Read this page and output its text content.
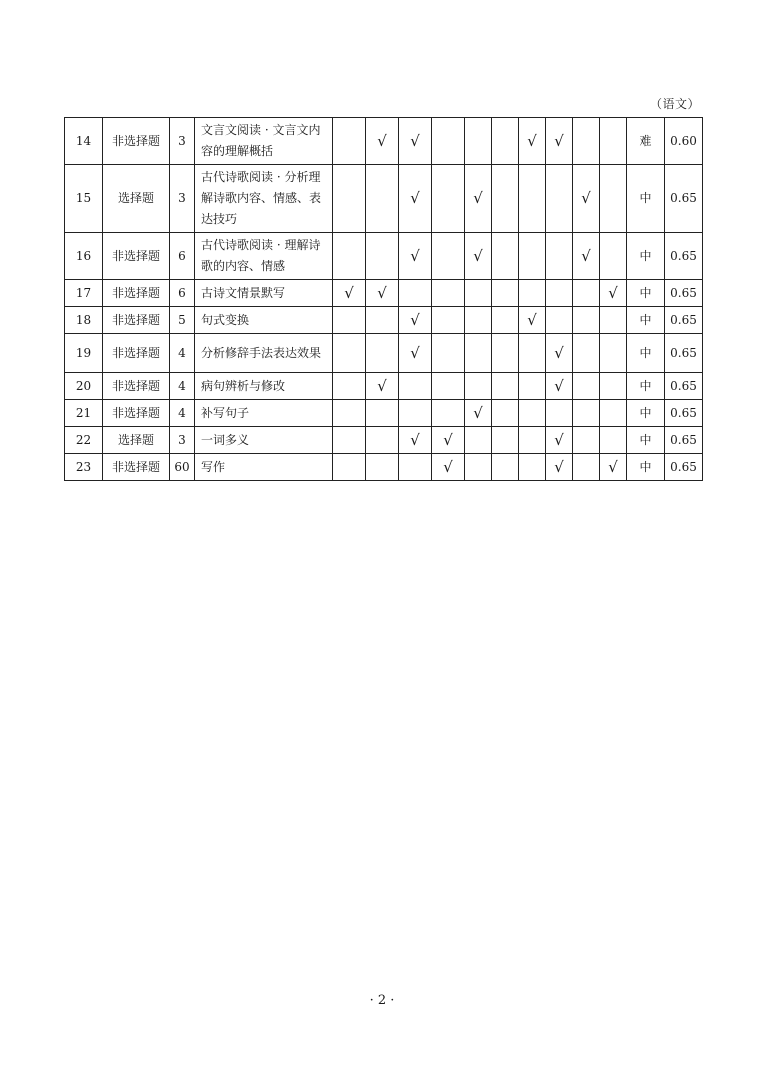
（语文）
14	非选择题	3	文言文阅读 · 文言文内容的理解概括		√	√				√	√			难	0.60
15	选择题	3	古代诗歌阅读 · 分析理解诗歌内容、情感、表达技巧			√		√				√		中	0.65
16	非选择题	6	古代诗歌阅读 · 理解诗歌的内容、情感			√		√				√		中	0.65
17	非选择题	6	古诗文情景默写	√	√								√	中	0.65
18	非选择题	5	句式变换			√				√				中	0.65
19	非选择题	4	分析修辞手法表达效果			√					√			中	0.65
20	非选择题	4	病句辨析与修改		√						√			中	0.65
21	非选择题	4	补写句子					√						中	0.65
22	选择题	3	一词多义			√	√				√			中	0.65
23	非选择题	60	写作				√				√		√	中	0.65
· 2 ·
